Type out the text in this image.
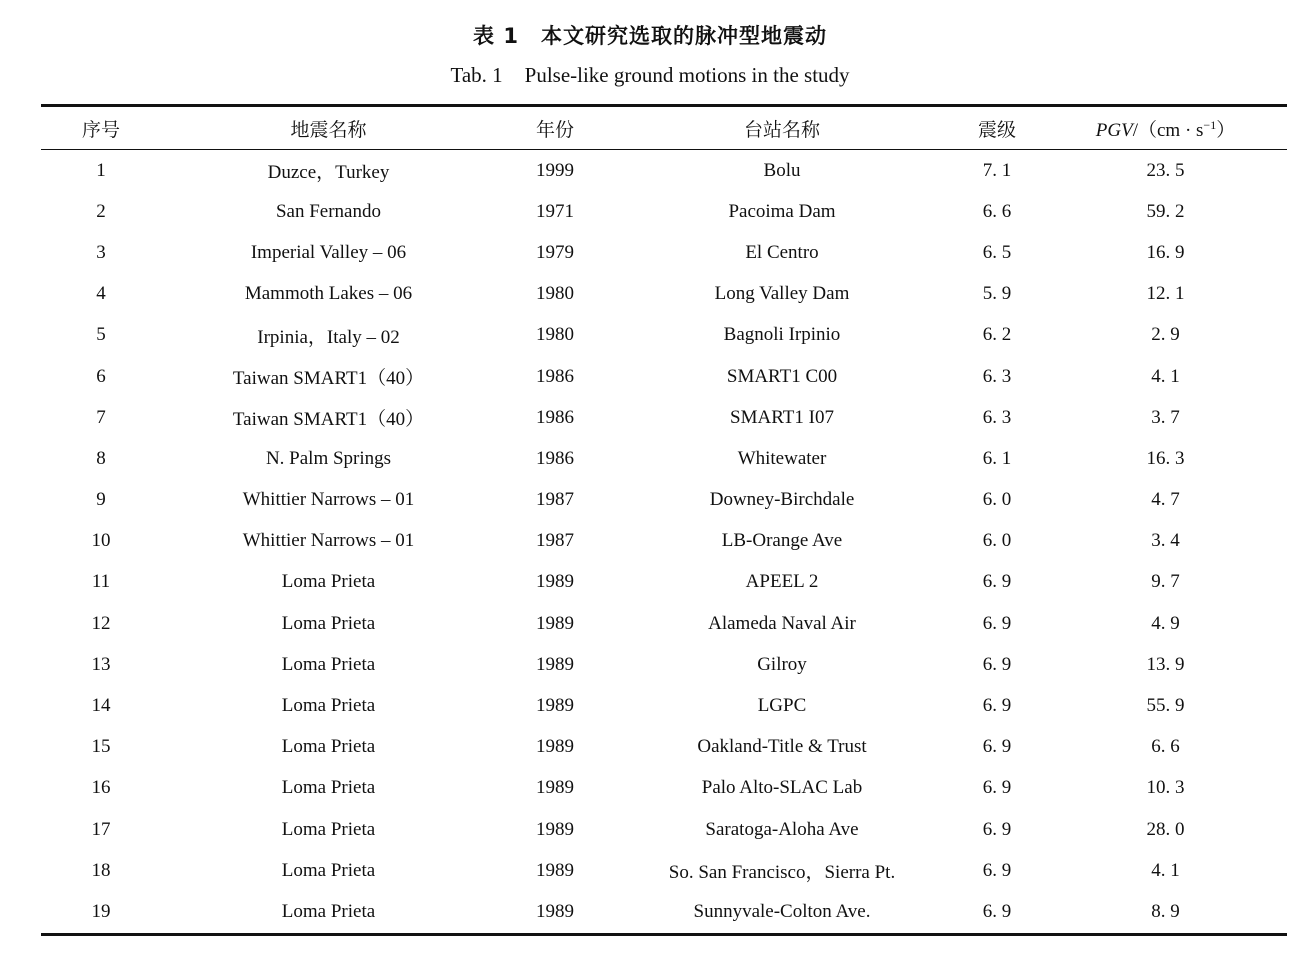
表 1 本文研究选取的脉冲型地震动
Tab. 1 Pulse-like ground motions in the study
序号	地震名称	年份	台站名称	震级	$PGV/(cm \cdot s^{-1})$
1	Duzce，Turkey	1999	Bolu	7. 1	23. 5
2	San Fernando	1971	Pacoima Dam	6. 6	59. 2
3	Imperial Valley – 06	1979	El Centro	6. 5	16. 9
4	Mammoth Lakes – 06	1980	Long Valley Dam	5. 9	12. 1
5	Irpinia，Italy – 02	1980	Bagnoli Irpinio	6. 2	2. 9
6	Taiwan SMART1（40）	1986	SMART1 C00	6. 3	4. 1
7	Taiwan SMART1（40）	1986	SMART1 I07	6. 3	3. 7
8	N. Palm Springs	1986	Whitewater	6. 1	16. 3
9	Whittier Narrows – 01	1987	Downey-Birchdale	6. 0	4. 7
10	Whittier Narrows – 01	1987	LB-Orange Ave	6. 0	3. 4
11	Loma Prieta	1989	APEEL 2	6. 9	9. 7
12	Loma Prieta	1989	Alameda Naval Air	6. 9	4. 9
13	Loma Prieta	1989	Gilroy	6. 9	13. 9
14	Loma Prieta	1989	LGPC	6. 9	55. 9
15	Loma Prieta	1989	Oakland-Title & Trust	6. 9	6. 6
16	Loma Prieta	1989	Palo Alto-SLAC Lab	6. 9	10. 3
17	Loma Prieta	1989	Saratoga-Aloha Ave	6. 9	28. 0
18	Loma Prieta	1989	So. San Francisco，Sierra Pt.	6. 9	4. 1
19	Loma Prieta	1989	Sunnyvale-Colton Ave.	6. 9	8. 9
